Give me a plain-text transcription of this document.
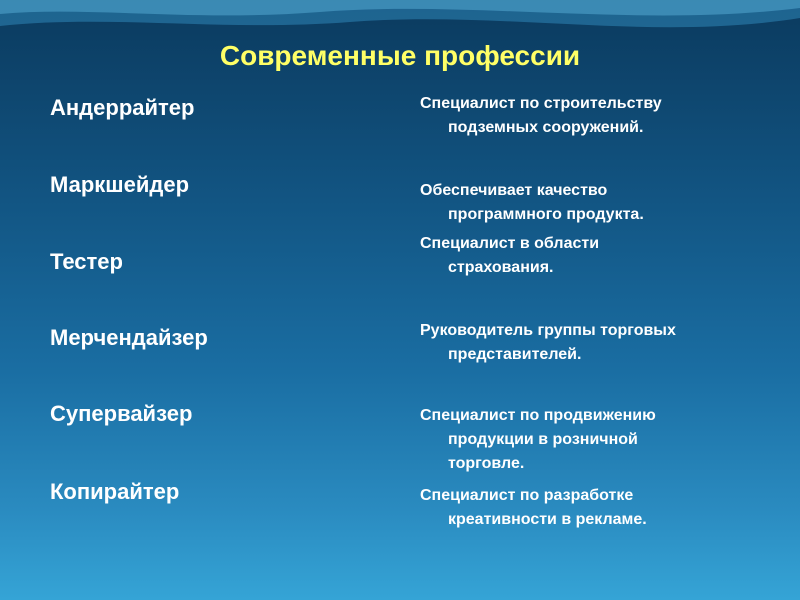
Современные профессии
Андеррайтер
Маркшейдер
Тестер
Мерчендайзер
Супервайзер
Копирайтер
Специалист по строительству
подземных сооружений.
Обеспечивает качество
программного продукта.
Специалист в области
страхования.
Руководитель группы торговых
представителей.
Специалист по продвижению
продукции в розничной
торговле.
Специалист по разработке
креативности в рекламе.
